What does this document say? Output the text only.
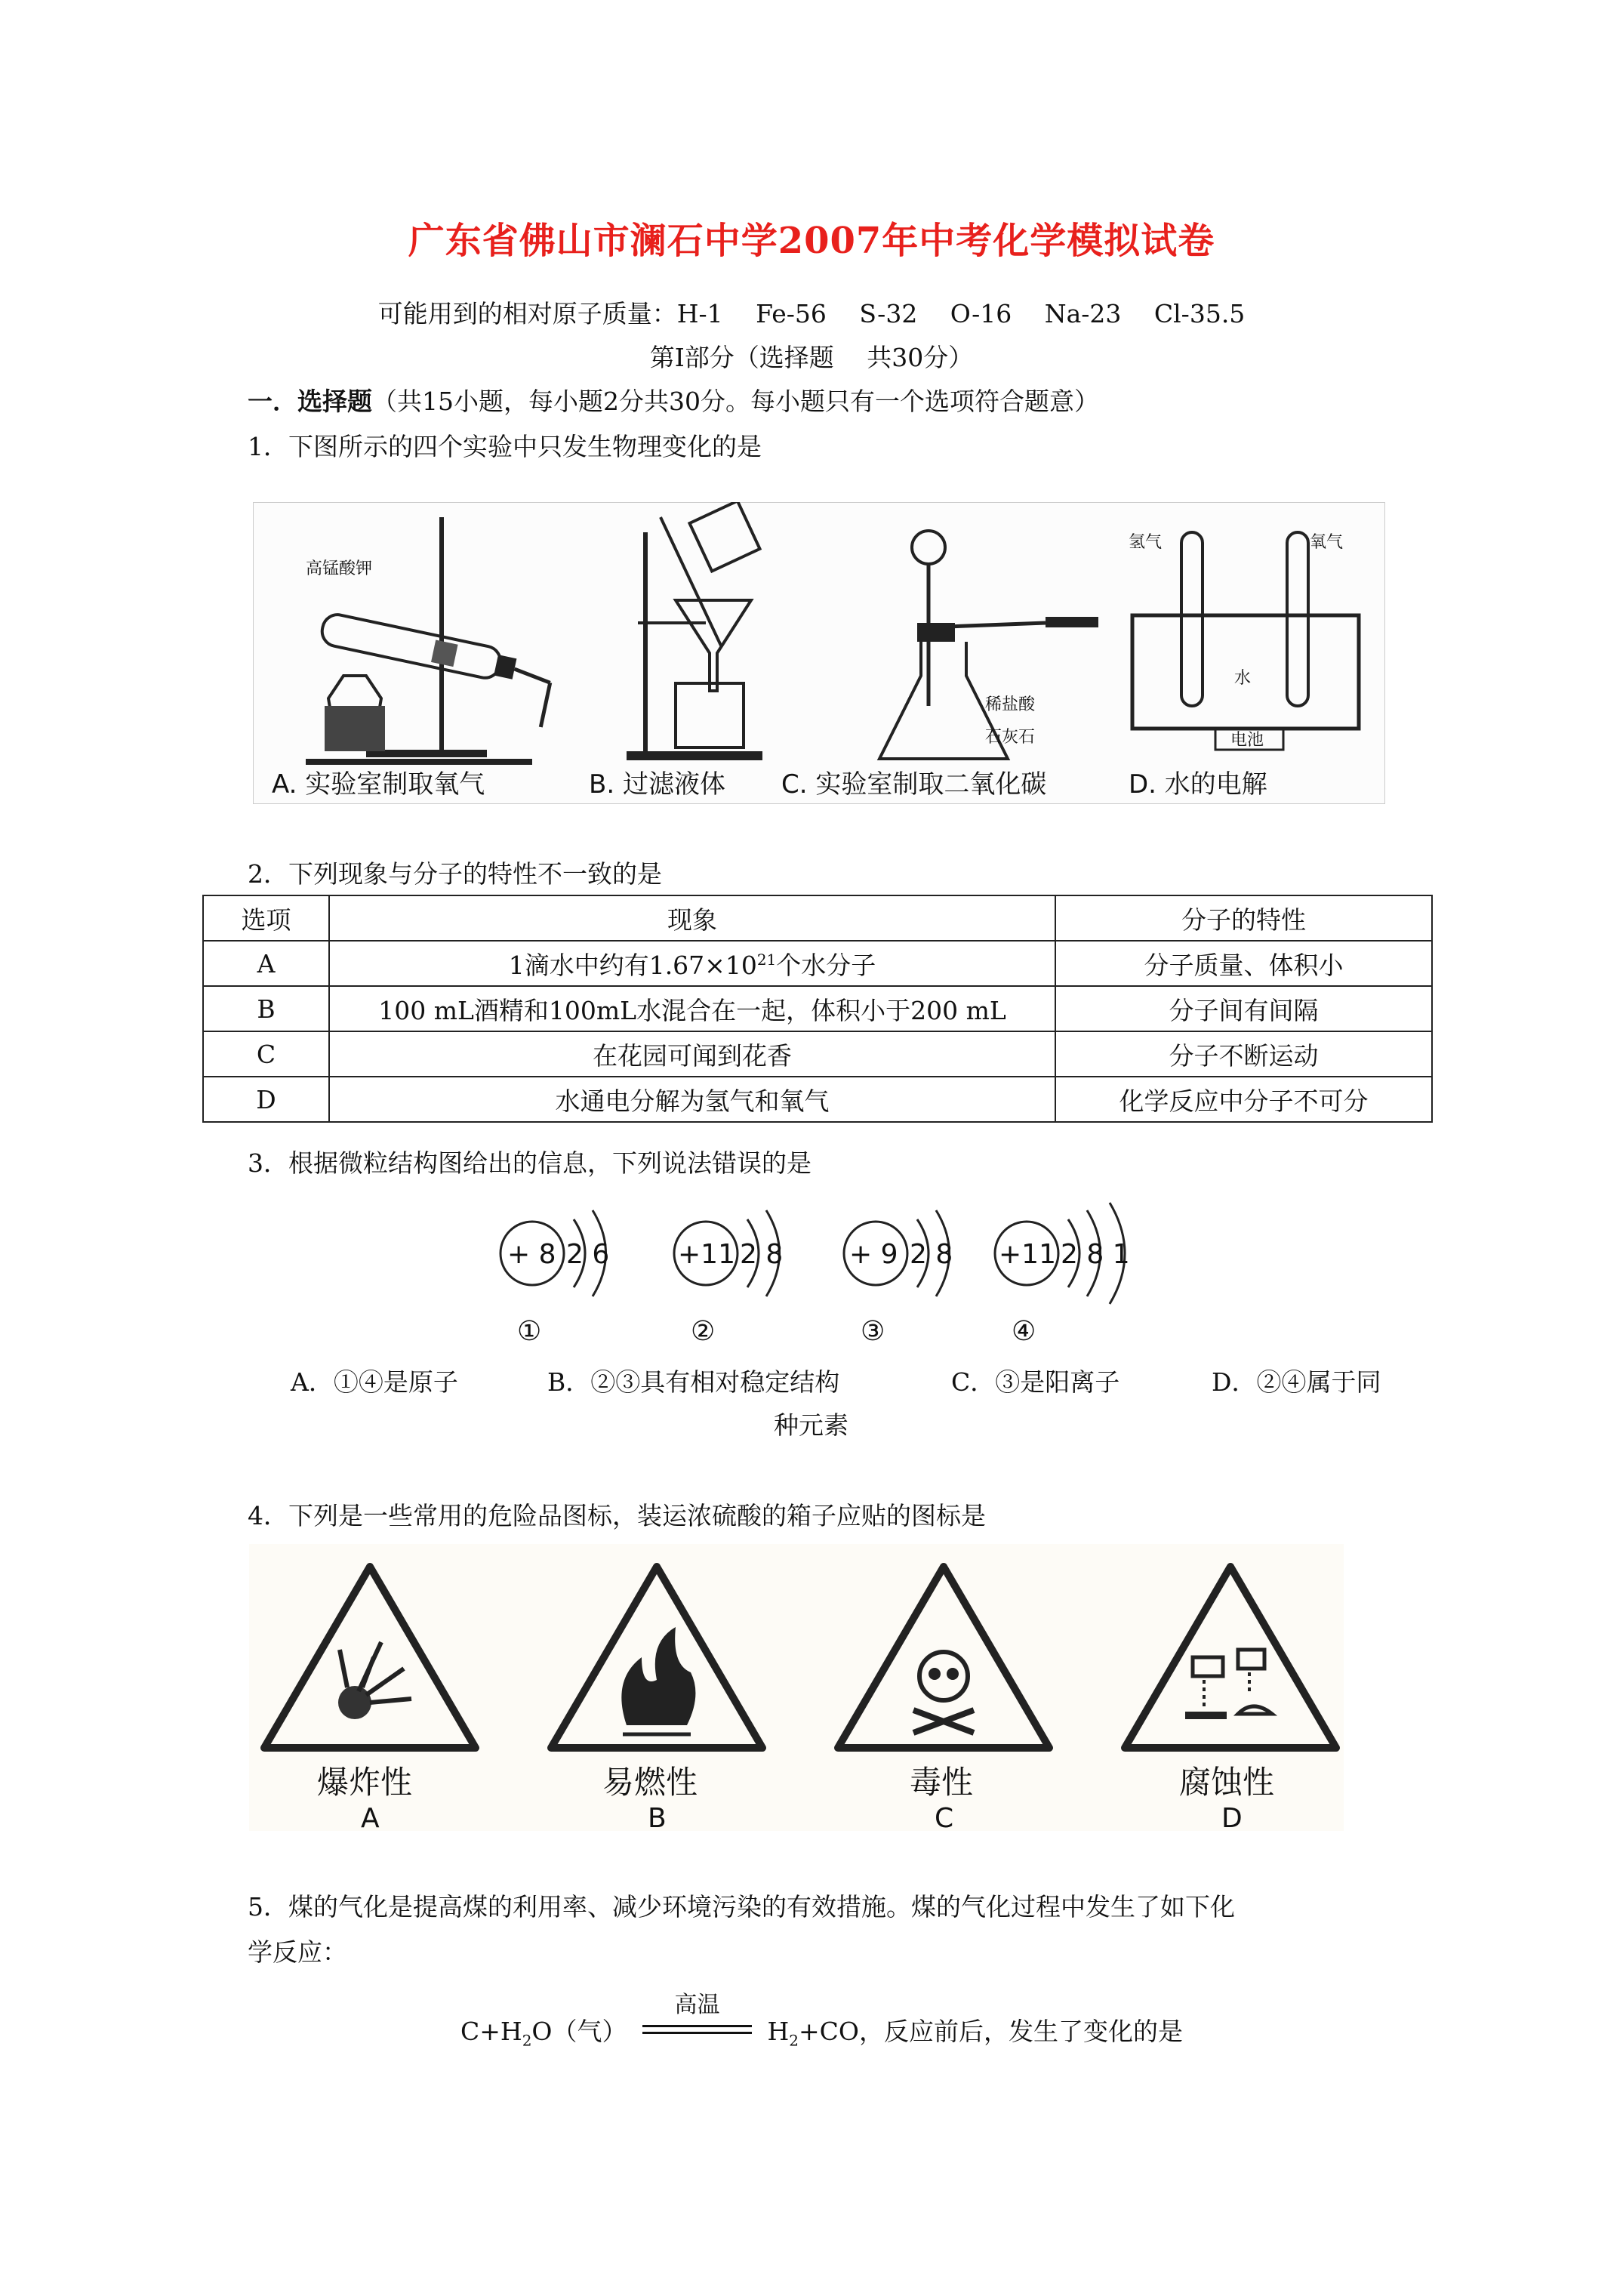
广东省佛山市澜石中学2007年中考化学模拟试卷
可能用到的相对原子质量：H-1　 Fe-56　 S-32　 O-16　 Na-23　 Cl-35.5
第Ⅰ部分（选择题　 共30分）
一．选择题（共15小题，每小题2分共30分。每小题只有一个选项符合题意）
1．下图所示的四个实验中只发生物理变化的是
高锰酸钾
稀盐酸
石灰石
氢气	氧气
水
电池
A. 实验室制取氧气	B. 过滤液体 C. 实验室制取二氧化碳	D. 水的电解
2．下列现象与分子的特性不一致的是
选项	现象	分子的特性
A	1滴水中约有$1.67\times 10^{21}$个水分子	分子质量、体积小
B	100 mL酒精和100mL水混合在一起，体积小于200 mL	分子间有间隔
C	在花园可闻到花香	分子不断运动
D	水通电分解为氢气和氧气	化学反应中分子不可分
3．根据微粒结构图给出的信息，下列说法错误的是
+ 8 2 6
①
+11 2 8
②
+ 9 2 8
③
+11 2 8 1
④
A．①④是原子	B．②③具有相对稳定结构	C．③是阳离子	D．②④属于同
种元素
4．下列是一些常用的危险品图标，装运浓硫酸的箱子应贴的图标是
爆炸性
A
易燃性
B
毒性
C
腐蚀性
D
5．煤的气化是提高煤的利用率、减少环境污染的有效措施。煤的气化过程中发生了如下化
学反应：
$C+H_2O$（气）
高温
$H_2+CO$，反应前后，发生了变化的是
